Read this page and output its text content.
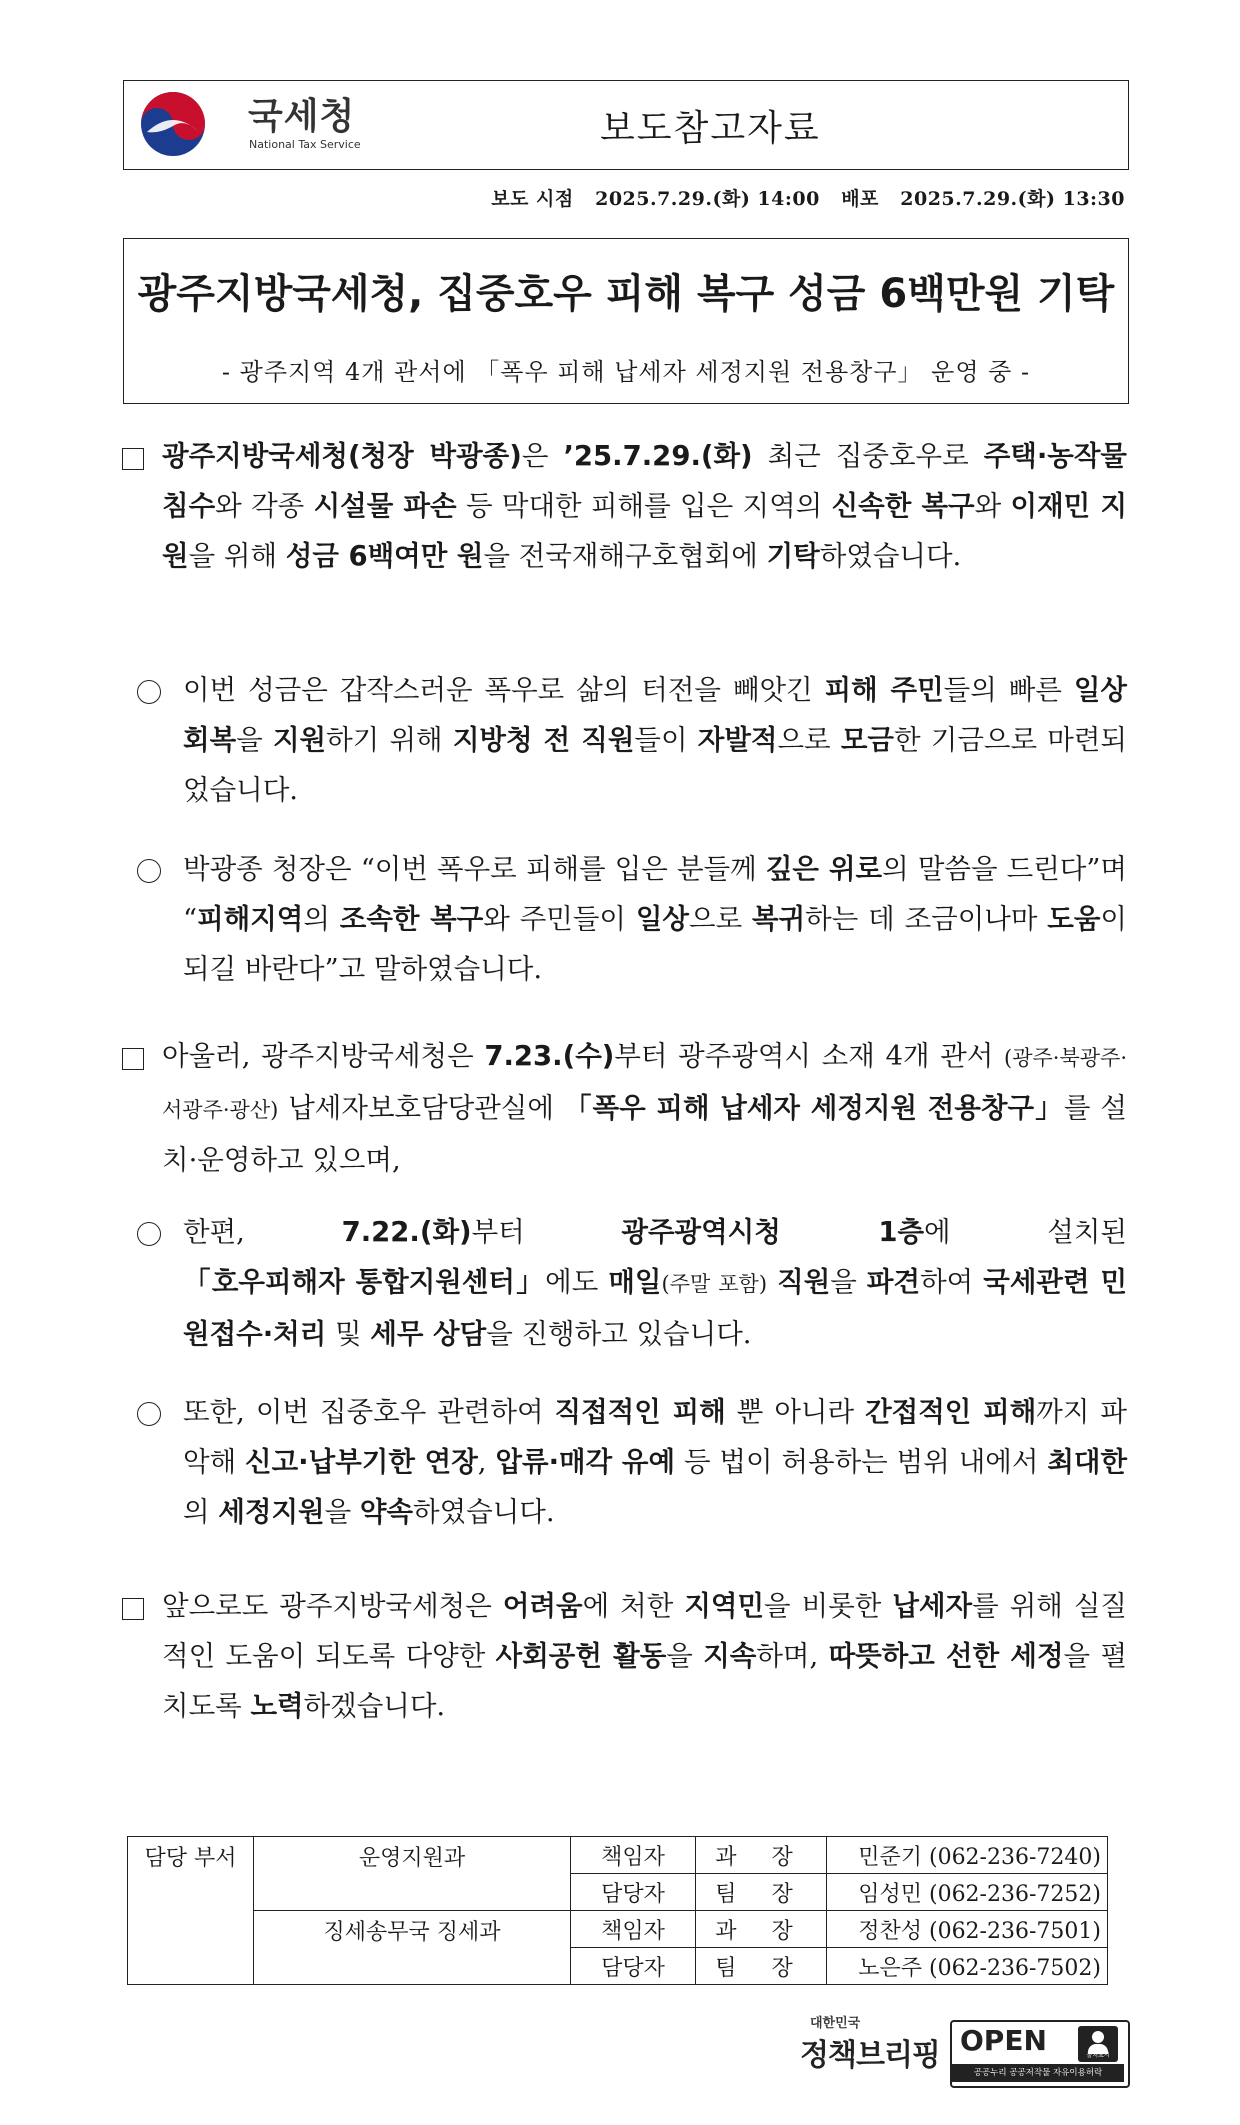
국세청
National Tax Service	보도참고자료
보도 시점 2025.7.29.(화) 14:00 배포 2025.7.29.(화) 13:30
광주지방국세청, 집중호우 피해 복구 성금 6백만원 기탁
- 광주지역 4개 관서에 「폭우 피해 납세자 세정지원 전용창구」 운영 중 -
광주지방국세청(청장 박광종)은 ’25.7.29.(화) 최근 집중호우로 주택·농작물 침수와 각종 시설물 파손 등 막대한 피해를 입은 지역의 신속한 복구와 이재민 지원을 위해 성금 6백여만 원을 전국재해구호협회에 기탁하였습니다.
이번 성금은 갑작스러운 폭우로 삶의 터전을 빼앗긴 피해 주민들의 빠른 일상 회복을 지원하기 위해 지방청 전 직원들이 자발적으로 모금한 기금으로 마련되었습니다.
박광종 청장은 “이번 폭우로 피해를 입은 분들께 깊은 위로의 말씀을 드린다”며 “피해지역의 조속한 복구와 주민들이 일상으로 복귀하는 데 조금이나마 도움이 되길 바란다”고 말하였습니다.
아울러, 광주지방국세청은 7.23.(수)부터 광주광역시 소재 4개 관서 (광주·북광주·서광주·광산) 납세자보호담당관실에 「폭우 피해 납세자 세정지원 전용창구」를 설치·운영하고 있으며,
한편, 7.22.(화)부터 광주광역시청 1층에 설치된 「호우피해자 통합지원센터」에도 매일(주말 포함) 직원을 파견하여 국세관련 민원접수·처리 및 세무 상담을 진행하고 있습니다.
또한, 이번 집중호우 관련하여 직접적인 피해 뿐 아니라 간접적인 피해까지 파악해 신고·납부기한 연장, 압류·매각 유예 등 법이 허용하는 범위 내에서 최대한의 세정지원을 약속하였습니다.
앞으로도 광주지방국세청은 어려움에 처한 지역민을 비롯한 납세자를 위해 실질적인 도움이 되도록 다양한 사회공헌 활동을 지속하며, 따뜻하고 선한 세정을 펼치도록 노력하겠습니다.
담당 부서	운영지원과	책임자	과 장	민준기 (062-236-7240)
		담당자	팀 장	임성민 (062-236-7252)
	징세송무국 징세과	책임자	과 장	정찬성 (062-236-7501)
		담당자	팀 장	노은주 (062-236-7502)
대한민국
정책브리핑 OPEN	출처표시
공공누리 공공저작물 자유이용허락
